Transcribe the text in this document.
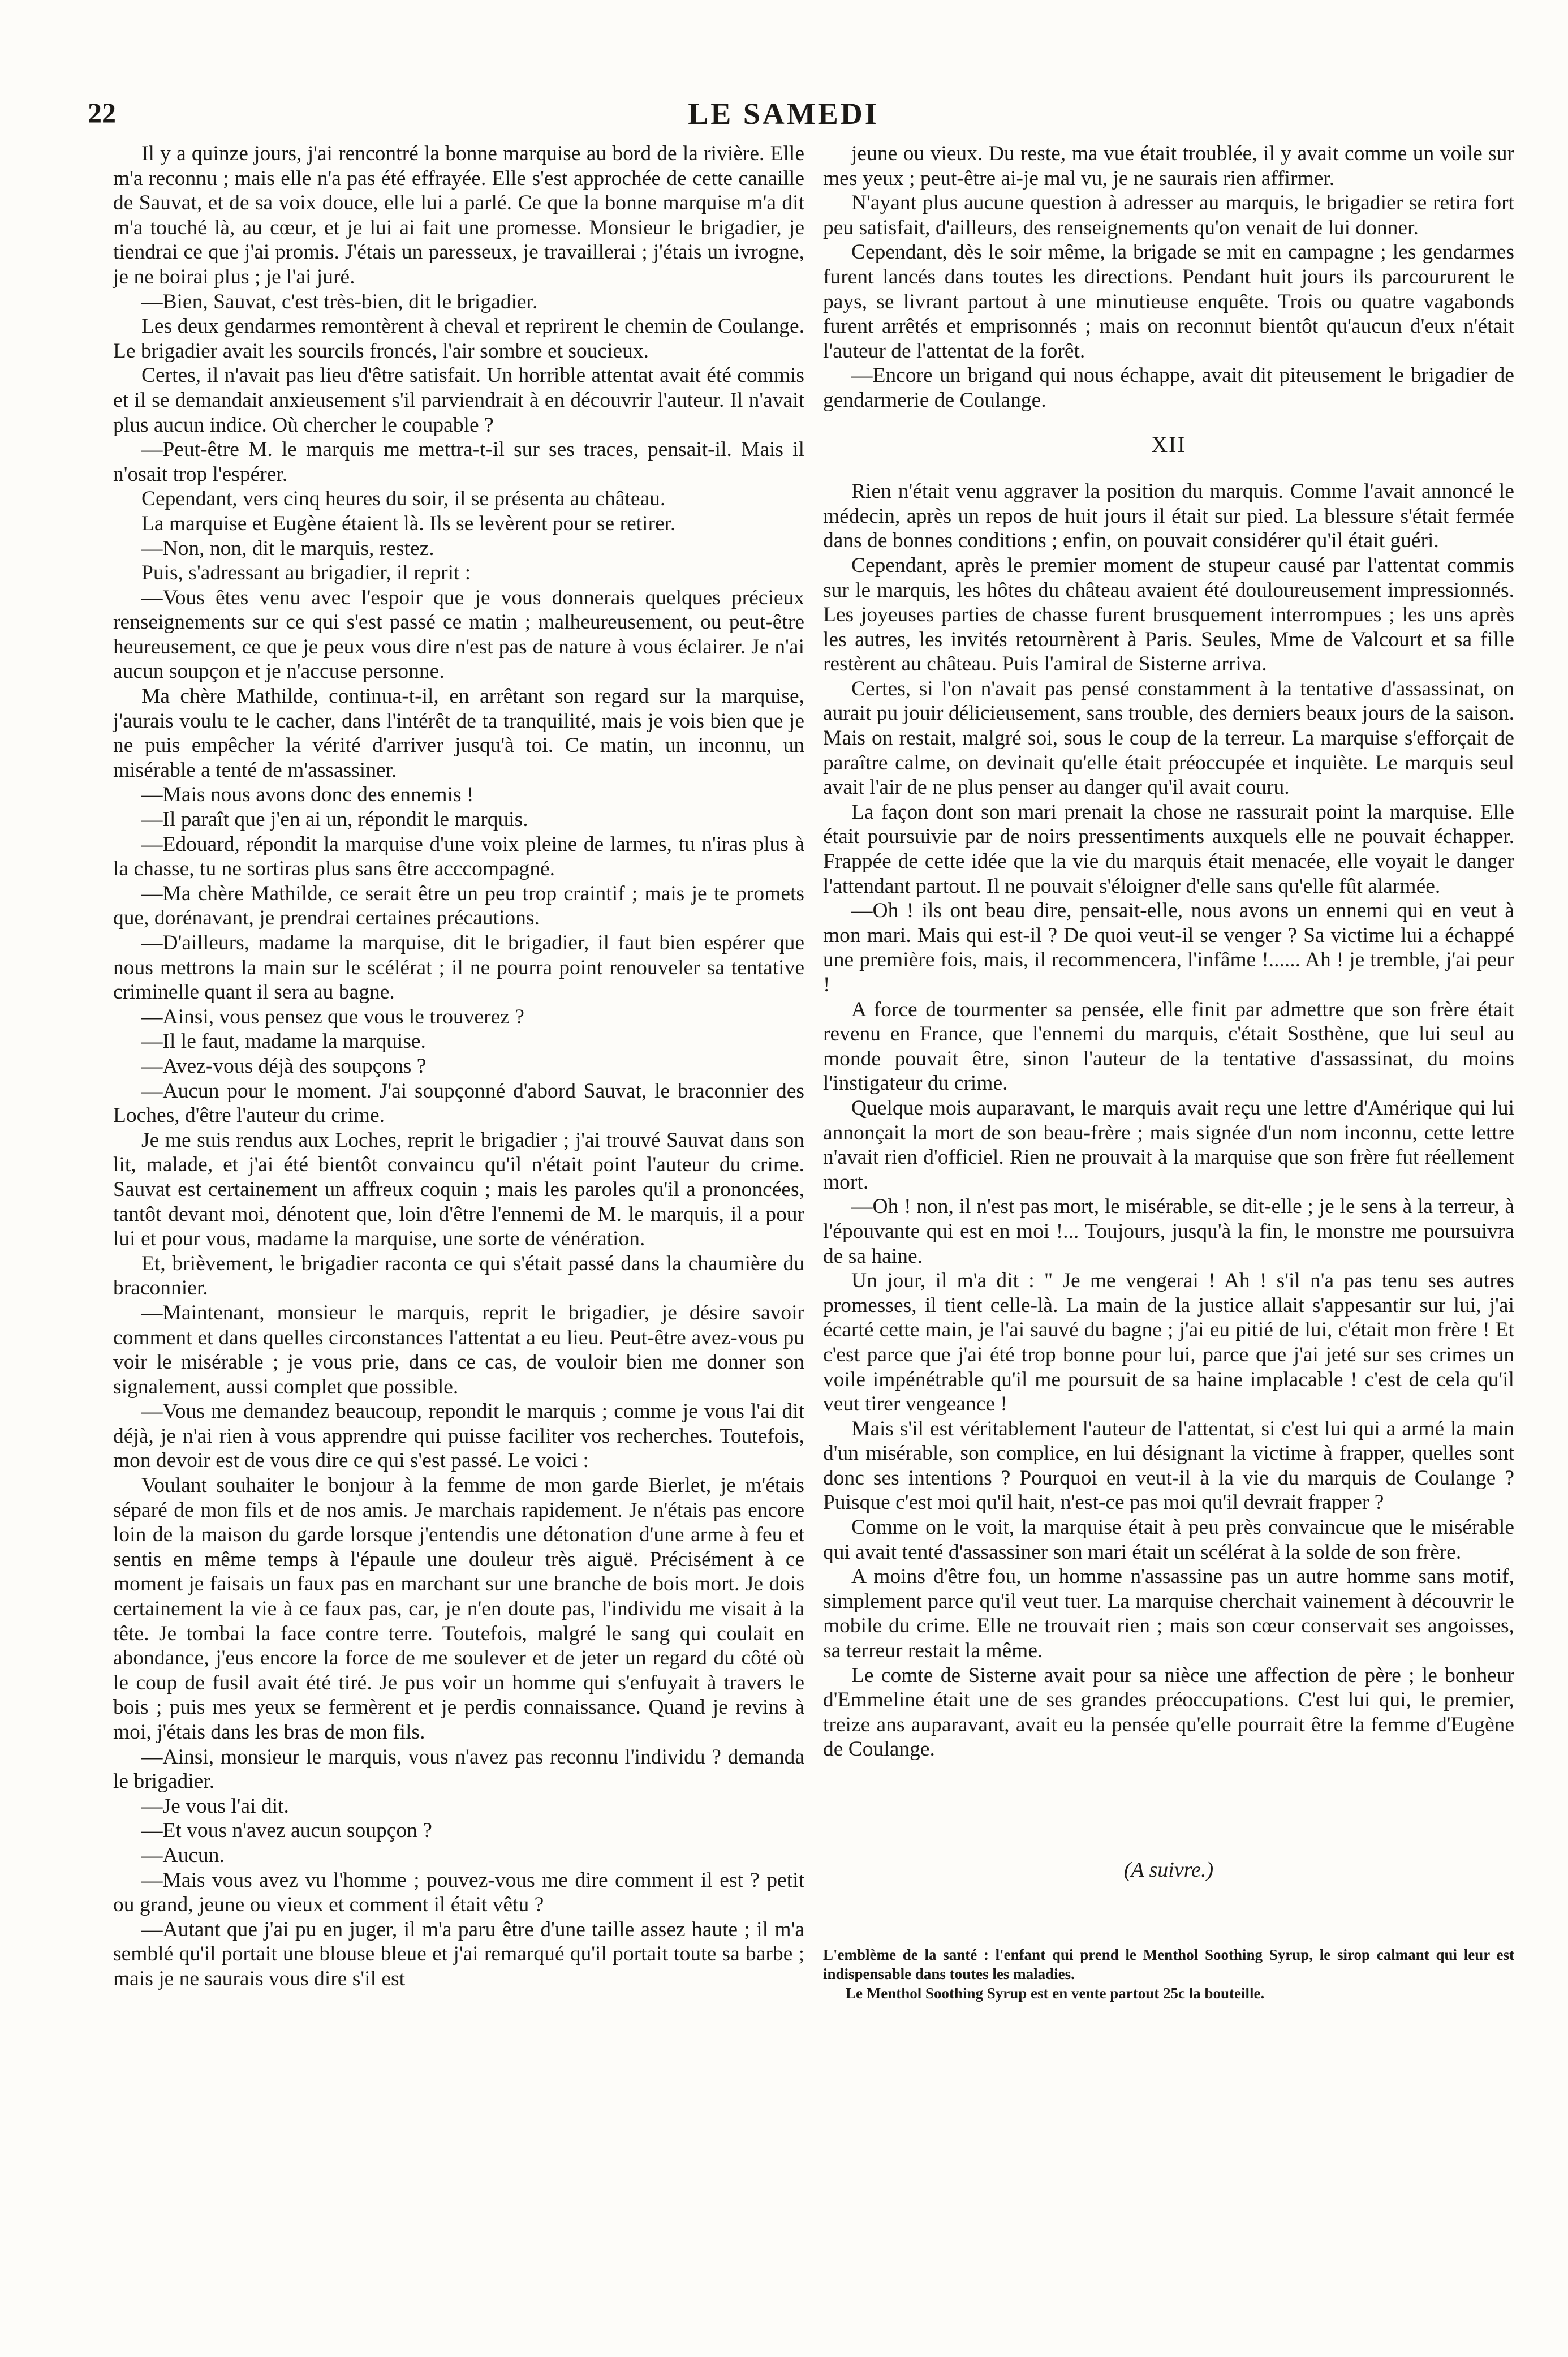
22	LE SAMEDI

Il y a quinze jours, j'ai rencontré la bonne marquise au bord de la rivière. Elle m'a reconnu ; mais elle n'a pas été effrayée. Elle s'est approchée de cette canaille de Sauvat, et de sa voix douce, elle lui a parlé. Ce que la bonne marquise m'a dit m'a touché là, au cœur, et je lui ai fait une promesse. Monsieur le brigadier, je tiendrai ce que j'ai promis. J'étais un paresseux, je travaillerai ; j'étais un ivrogne, je ne boirai plus ; je l'ai juré.

—Bien, Sauvat, c'est très-bien, dit le brigadier.

Les deux gendarmes remontèrent à cheval et reprirent le chemin de Coulange. Le brigadier avait les sourcils froncés, l'air sombre et soucieux.

Certes, il n'avait pas lieu d'être satisfait. Un horrible attentat avait été commis et il se demandait anxieusement s'il parviendrait à en découvrir l'auteur. Il n'avait plus aucun indice. Où chercher le coupable ?

—Peut-être M. le marquis me mettra-t-il sur ses traces, pensait-il. Mais il n'osait trop l'espérer.

Cependant, vers cinq heures du soir, il se présenta au château.

La marquise et Eugène étaient là. Ils se levèrent pour se retirer.

—Non, non, dit le marquis, restez.

Puis, s'adressant au brigadier, il reprit :

—Vous êtes venu avec l'espoir que je vous donnerais quelques précieux renseignements sur ce qui s'est passé ce matin ; malheureusement, ou peut-être heureusement, ce que je peux vous dire n'est pas de nature à vous éclairer. Je n'ai aucun soupçon et je n'accuse personne.

Ma chère Mathilde, continua-t-il, en arrêtant son regard sur la marquise, j'aurais voulu te le cacher, dans l'intérêt de ta tranquilité, mais je vois bien que je ne puis empêcher la vérité d'arriver jusqu'à toi. Ce matin, un inconnu, un misérable a tenté de m'assassiner.

—Mais nous avons donc des ennemis !

—Il paraît que j'en ai un, répondit le marquis.

—Edouard, répondit la marquise d'une voix pleine de larmes, tu n'iras plus à la chasse, tu ne sortiras plus sans être acccompagné.

—Ma chère Mathilde, ce serait être un peu trop craintif ; mais je te promets que, dorénavant, je prendrai certaines précautions.

—D'ailleurs, madame la marquise, dit le brigadier, il faut bien espérer que nous mettrons la main sur le scélérat ; il ne pourra point renouveler sa tentative criminelle quant il sera au bagne.

—Ainsi, vous pensez que vous le trouverez ?

—Il le faut, madame la marquise.

—Avez-vous déjà des soupçons ?

—Aucun pour le moment. J'ai soupçonné d'abord Sauvat, le braconnier des Loches, d'être l'auteur du crime.

Je me suis rendus aux Loches, reprit le brigadier ; j'ai trouvé Sauvat dans son lit, malade, et j'ai été bientôt convaincu qu'il n'était point l'auteur du crime. Sauvat est certainement un affreux coquin ; mais les paroles qu'il a prononcées, tantôt devant moi, dénotent que, loin d'être l'ennemi de M. le marquis, il a pour lui et pour vous, madame la marquise, une sorte de vénération.

Et, brièvement, le brigadier raconta ce qui s'était passé dans la chaumière du braconnier.

—Maintenant, monsieur le marquis, reprit le brigadier, je désire savoir comment et dans quelles circonstances l'attentat a eu lieu. Peut-être avez-vous pu voir le misérable ; je vous prie, dans ce cas, de vouloir bien me donner son signalement, aussi complet que possible.

—Vous me demandez beaucoup, repondit le marquis ; comme je vous l'ai dit déjà, je n'ai rien à vous apprendre qui puisse faciliter vos recherches. Toutefois, mon devoir est de vous dire ce qui s'est passé. Le voici :

Voulant souhaiter le bonjour à la femme de mon garde Bierlet, je m'étais séparé de mon fils et de nos amis. Je marchais rapidement. Je n'étais pas encore loin de la maison du garde lorsque j'entendis une détonation d'une arme à feu et sentis en même temps à l'épaule une douleur très aiguë. Précisément à ce moment je faisais un faux pas en marchant sur une branche de bois mort. Je dois certainement la vie à ce faux pas, car, je n'en doute pas, l'individu me visait à la tête. Je tombai la face contre terre. Toutefois, malgré le sang qui coulait en abondance, j'eus encore la force de me soulever et de jeter un regard du côté où le coup de fusil avait été tiré. Je pus voir un homme qui s'enfuyait à travers le bois ; puis mes yeux se fermèrent et je perdis connaissance. Quand je revins à moi, j'étais dans les bras de mon fils.

—Ainsi, monsieur le marquis, vous n'avez pas reconnu l'individu ? demanda le brigadier.

—Je vous l'ai dit.

—Et vous n'avez aucun soupçon ?

—Aucun.

—Mais vous avez vu l'homme ; pouvez-vous me dire comment il est ? petit ou grand, jeune ou vieux et comment il était vêtu ?

—Autant que j'ai pu en juger, il m'a paru être d'une taille assez haute ; il m'a semblé qu'il portait une blouse bleue et j'ai remarqué qu'il portait toute sa barbe ; mais je ne saurais vous dire s'il est

jeune ou vieux. Du reste, ma vue était troublée, il y avait comme un voile sur mes yeux ; peut-être ai-je mal vu, je ne saurais rien affirmer.

N'ayant plus aucune question à adresser au marquis, le brigadier se retira fort peu satisfait, d'ailleurs, des renseignements qu'on venait de lui donner.

Cependant, dès le soir même, la brigade se mit en campagne ; les gendarmes furent lancés dans toutes les directions. Pendant huit jours ils parcoururent le pays, se livrant partout à une minutieuse enquête. Trois ou quatre vagabonds furent arrêtés et emprisonnés ; mais on reconnut bientôt qu'aucun d'eux n'était l'auteur de l'attentat de la forêt.

—Encore un brigand qui nous échappe, avait dit piteusement le brigadier de gendarmerie de Coulange.

XII

Rien n'était venu aggraver la position du marquis. Comme l'avait annoncé le médecin, après un repos de huit jours il était sur pied. La blessure s'était fermée dans de bonnes conditions ; enfin, on pouvait considérer qu'il était guéri.

Cependant, après le premier moment de stupeur causé par l'attentat commis sur le marquis, les hôtes du château avaient été douloureusement impressionnés. Les joyeuses parties de chasse furent brusquement interrompues ; les uns après les autres, les invités retournèrent à Paris. Seules, Mme de Valcourt et sa fille restèrent au château. Puis l'amiral de Sisterne arriva.

Certes, si l'on n'avait pas pensé constamment à la tentative d'assassinat, on aurait pu jouir délicieusement, sans trouble, des derniers beaux jours de la saison. Mais on restait, malgré soi, sous le coup de la terreur. La marquise s'efforçait de paraître calme, on devinait qu'elle était préoccupée et inquiète. Le marquis seul avait l'air de ne plus penser au danger qu'il avait couru.

La façon dont son mari prenait la chose ne rassurait point la marquise. Elle était poursuivie par de noirs pressentiments auxquels elle ne pouvait échapper. Frappée de cette idée que la vie du marquis était menacée, elle voyait le danger l'attendant partout. Il ne pouvait s'éloigner d'elle sans qu'elle fût alarmée.

—Oh ! ils ont beau dire, pensait-elle, nous avons un ennemi qui en veut à mon mari. Mais qui est-il ? De quoi veut-il se venger ? Sa victime lui a échappé une première fois, mais, il recommencera, l'infâme !...... Ah ! je tremble, j'ai peur !

A force de tourmenter sa pensée, elle finit par admettre que son frère était revenu en France, que l'ennemi du marquis, c'était Sosthène, que lui seul au monde pouvait être, sinon l'auteur de la tentative d'assassinat, du moins l'instigateur du crime.

Quelque mois auparavant, le marquis avait reçu une lettre d'Amérique qui lui annonçait la mort de son beau-frère ; mais signée d'un nom inconnu, cette lettre n'avait rien d'officiel. Rien ne prouvait à la marquise que son frère fut réellement mort.

—Oh ! non, il n'est pas mort, le misérable, se dit-elle ; je le sens à la terreur, à l'épouvante qui est en moi !... Toujours, jusqu'à la fin, le monstre me poursuivra de sa haine.

Un jour, il m'a dit : " Je me vengerai ! Ah ! s'il n'a pas tenu ses autres promesses, il tient celle-là. La main de la justice allait s'appesantir sur lui, j'ai écarté cette main, je l'ai sauvé du bagne ; j'ai eu pitié de lui, c'était mon frère ! Et c'est parce que j'ai été trop bonne pour lui, parce que j'ai jeté sur ses crimes un voile impénétrable qu'il me poursuit de sa haine implacable ! c'est de cela qu'il veut tirer vengeance !

Mais s'il est véritablement l'auteur de l'attentat, si c'est lui qui a armé la main d'un misérable, son complice, en lui désignant la victime à frapper, quelles sont donc ses intentions ? Pourquoi en veut-il à la vie du marquis de Coulange ? Puisque c'est moi qu'il hait, n'est-ce pas moi qu'il devrait frapper ?

Comme on le voit, la marquise était à peu près convaincue que le misérable qui avait tenté d'assassiner son mari était un scélérat à la solde de son frère.

A moins d'être fou, un homme n'assassine pas un autre homme sans motif, simplement parce qu'il veut tuer. La marquise cherchait vainement à découvrir le mobile du crime. Elle ne trouvait rien ; mais son cœur conservait ses angoisses, sa terreur restait la même.

Le comte de Sisterne avait pour sa nièce une affection de père ; le bonheur d'Emmeline était une de ses grandes préoccupations. C'est lui qui, le premier, treize ans auparavant, avait eu la pensée qu'elle pourrait être la femme d'Eugène de Coulange.

(A suivre.)

L'emblème de la santé : l'enfant qui prend le Menthol Soothing Syrup, le sirop calmant qui leur est indispensable dans toutes les maladies.

Le Menthol Soothing Syrup est en vente partout 25c la bouteille.
